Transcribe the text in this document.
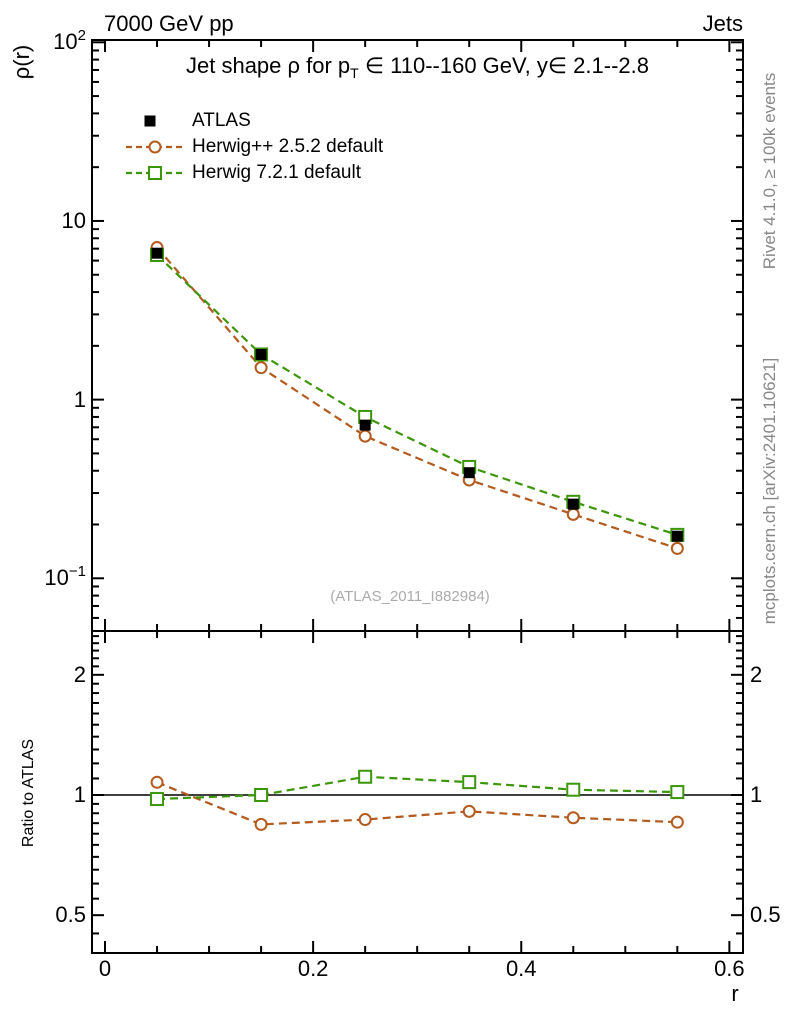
7000 GeV pp	Jets
ρ(r)	Jet shape ρ for $p_T$ ∈ 110--160 GeV, y∈ 2.1--2.8
ATLAS
Herwig++ 2.5.2 default
Herwig 7.2.1 default
(ATLAS_2011_I882984)
Rivet 4.1.0, ≥ 100k events
mcplots.cern.ch [arXiv:2401.10621]
Ratio to ATLAS
r
0	0.2	0.4	0.6
$10^2$
10
1
$10^{-1}$
2	2
1	1
0.5	0.5
